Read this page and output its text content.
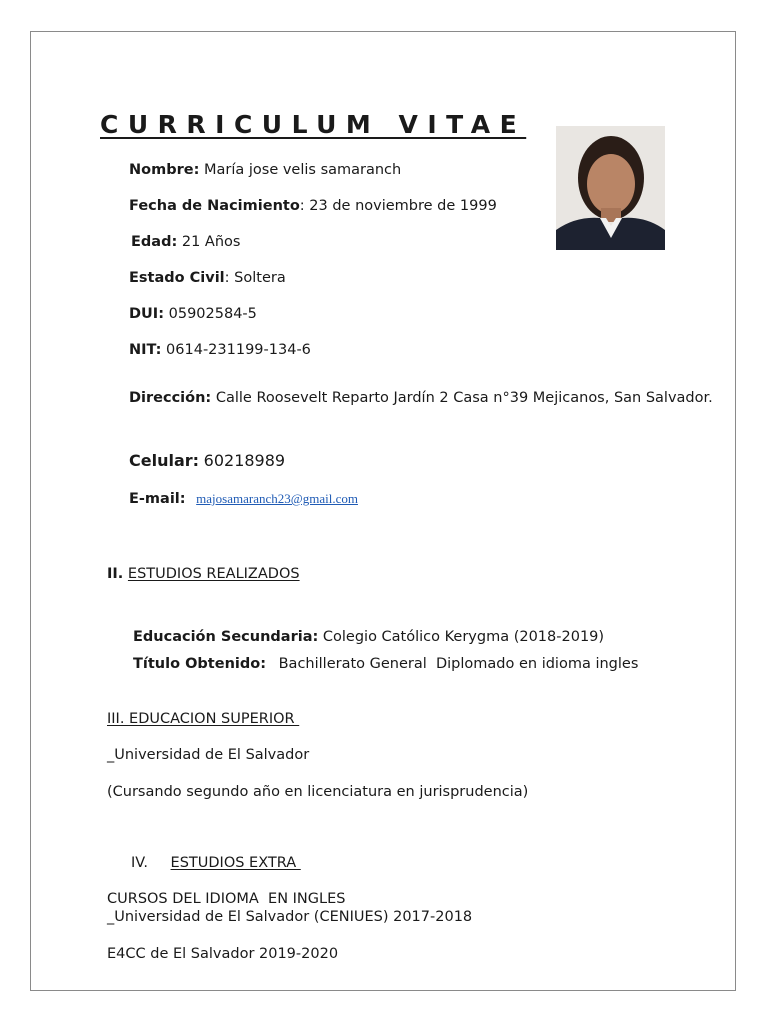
CURRICULUM VITAE
Nombre: María jose velis samaranch
Fecha de Nacimiento: 23 de noviembre de 1999
Edad: 21 Años
Estado Civil: Soltera
DUI: 05902584-5
NIT: 0614-231199-134-6
Dirección: Calle Roosevelt Reparto Jardín 2 Casa n°39 Mejicanos, San Salvador.
Celular: 60218989
E-mail: majosamaranch23@gmail.com
II. ESTUDIOS REALIZADOS
Educación Secundaria: Colegio Católico Kerygma (2018-2019)
Título Obtenido: Bachillerato General  Diplomado en idioma ingles
III. EDUCACION SUPERIOR
_Universidad de El Salvador
(Cursando segundo año en licenciatura en jurisprudencia)
IV. ESTUDIOS EXTRA
CURSOS DEL IDIOMA  EN INGLES
_Universidad de El Salvador (CENIUES) 2017-2018
E4CC de El Salvador 2019-2020
